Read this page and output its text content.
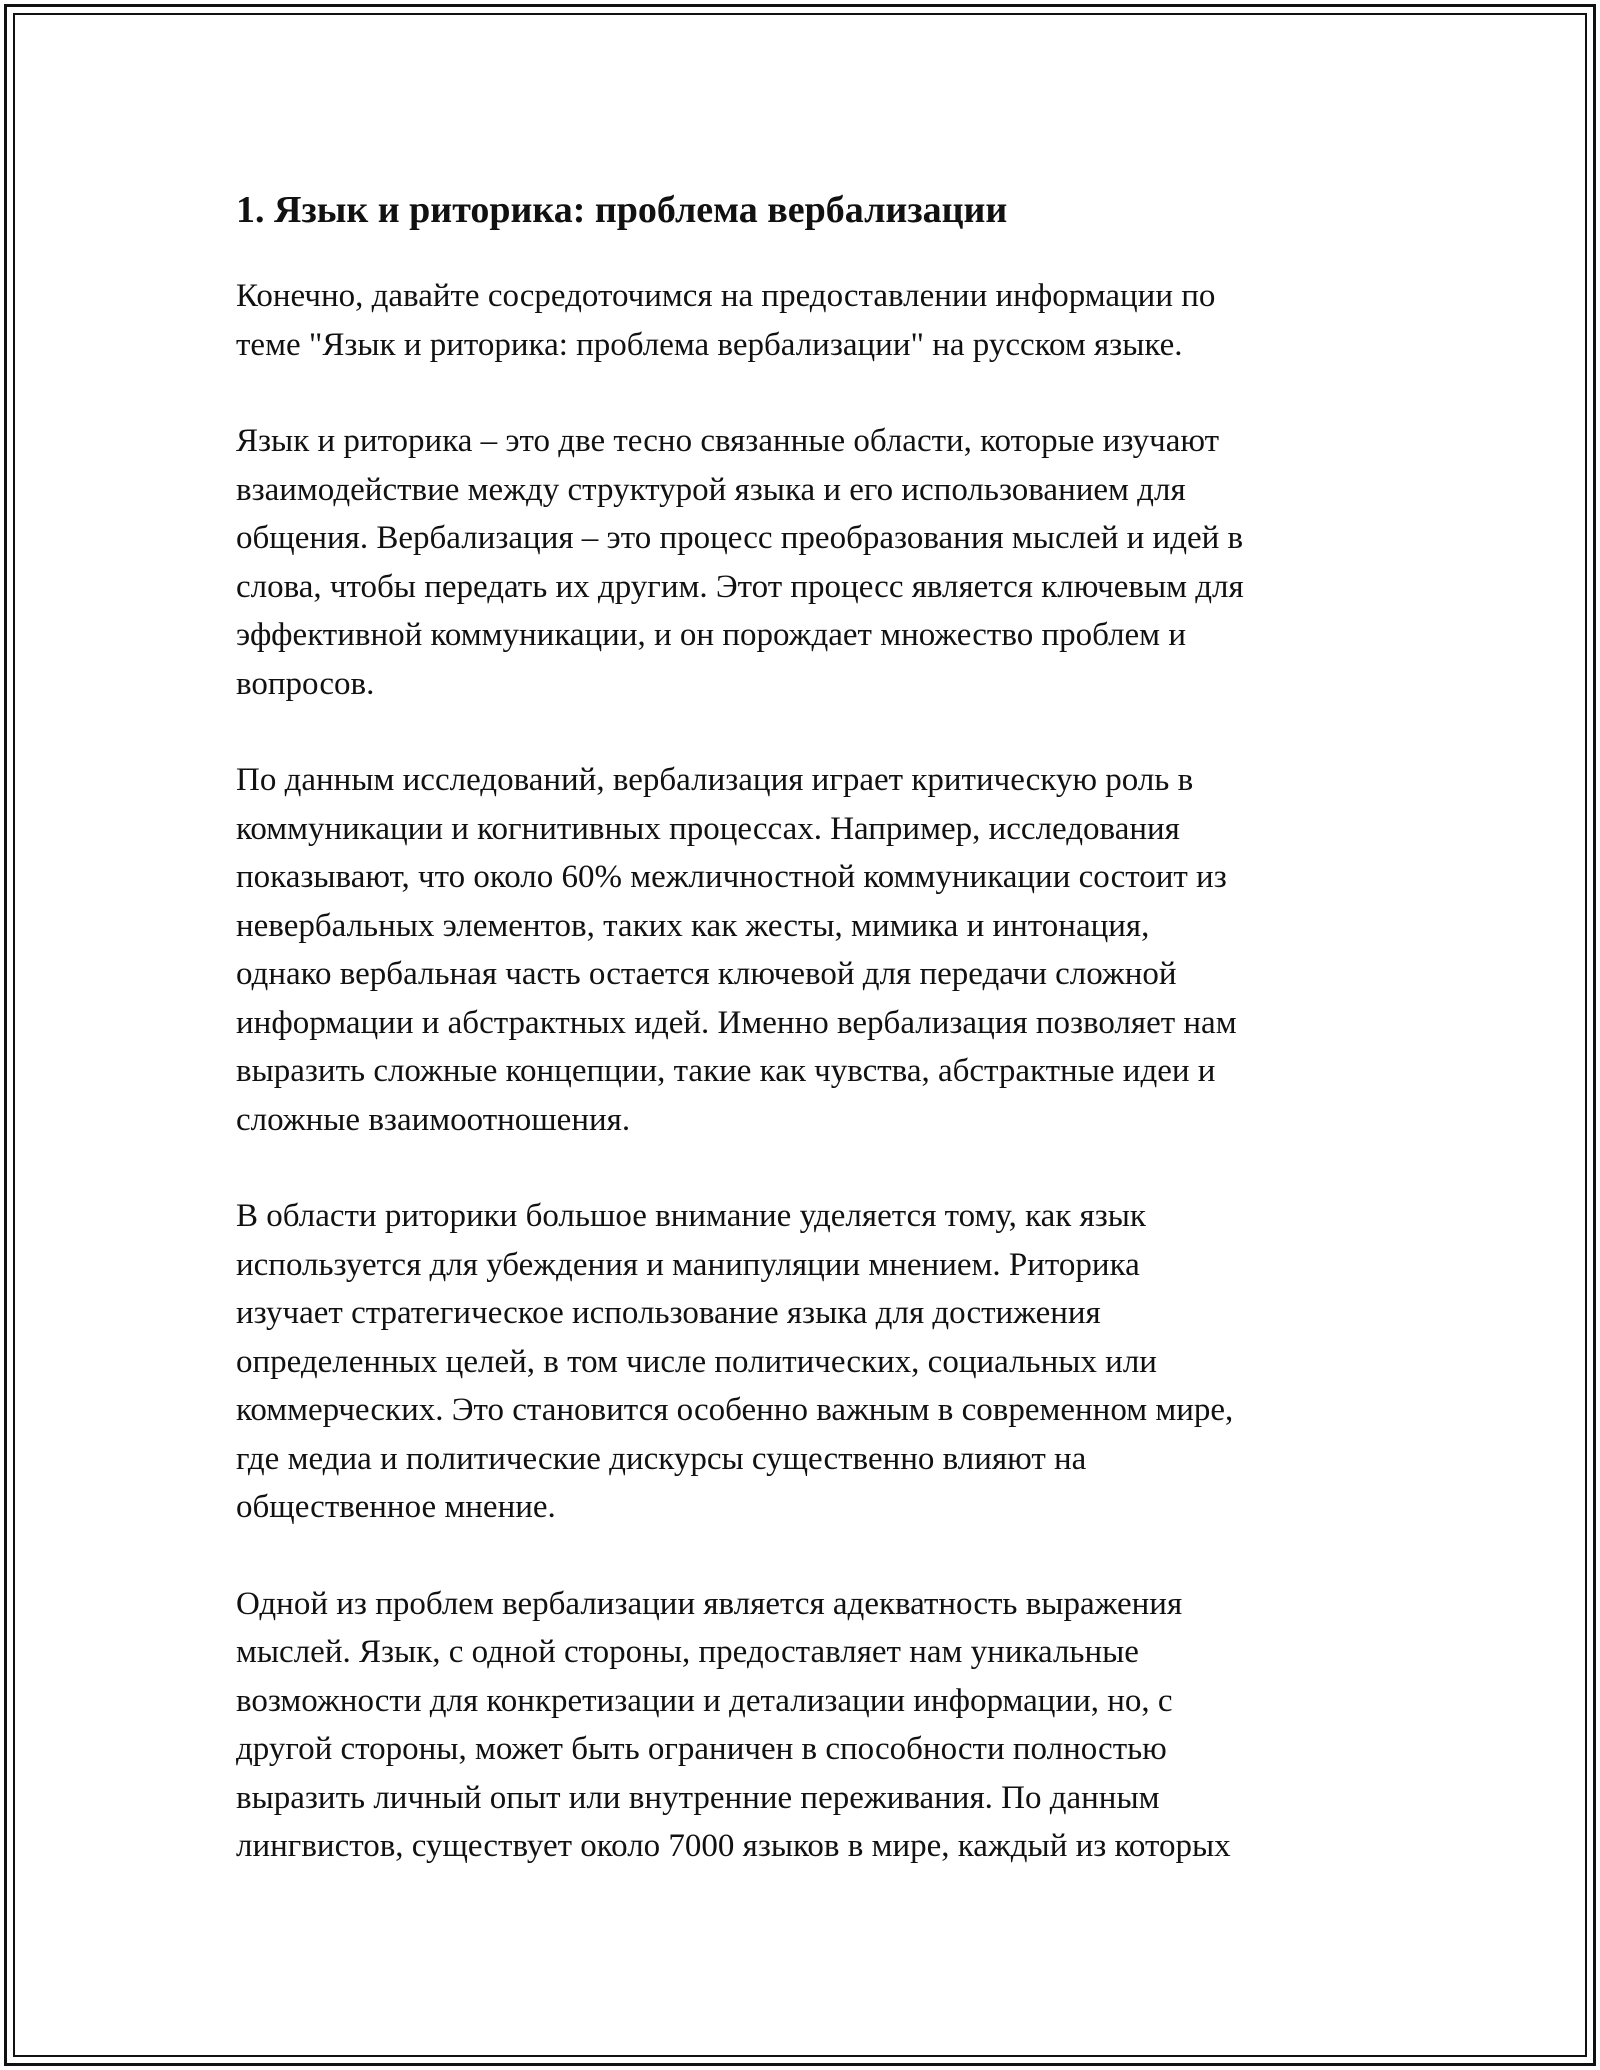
1. Язык и риторика: проблема вербализации

Конечно, давайте сосредоточимся на предоставлении информации по
теме "Язык и риторика: проблема вербализации" на русском языке.

Язык и риторика – это две тесно связанные области, которые изучают
взаимодействие между структурой языка и его использованием для
общения. Вербализация – это процесс преобразования мыслей и идей в
слова, чтобы передать их другим. Этот процесс является ключевым для
эффективной коммуникации, и он порождает множество проблем и
вопросов.

По данным исследований, вербализация играет критическую роль в
коммуникации и когнитивных процессах. Например, исследования
показывают, что около 60% межличностной коммуникации состоит из
невербальных элементов, таких как жесты, мимика и интонация,
однако вербальная часть остается ключевой для передачи сложной
информации и абстрактных идей. Именно вербализация позволяет нам
выразить сложные концепции, такие как чувства, абстрактные идеи и
сложные взаимоотношения.

В области риторики большое внимание уделяется тому, как язык
используется для убеждения и манипуляции мнением. Риторика
изучает стратегическое использование языка для достижения
определенных целей, в том числе политических, социальных или
коммерческих. Это становится особенно важным в современном мире,
где медиа и политические дискурсы существенно влияют на
общественное мнение.

Одной из проблем вербализации является адекватность выражения
мыслей. Язык, с одной стороны, предоставляет нам уникальные
возможности для конкретизации и детализации информации, но, с
другой стороны, может быть ограничен в способности полностью
выразить личный опыт или внутренние переживания. По данным
лингвистов, существует около 7000 языков в мире, каждый из которых
